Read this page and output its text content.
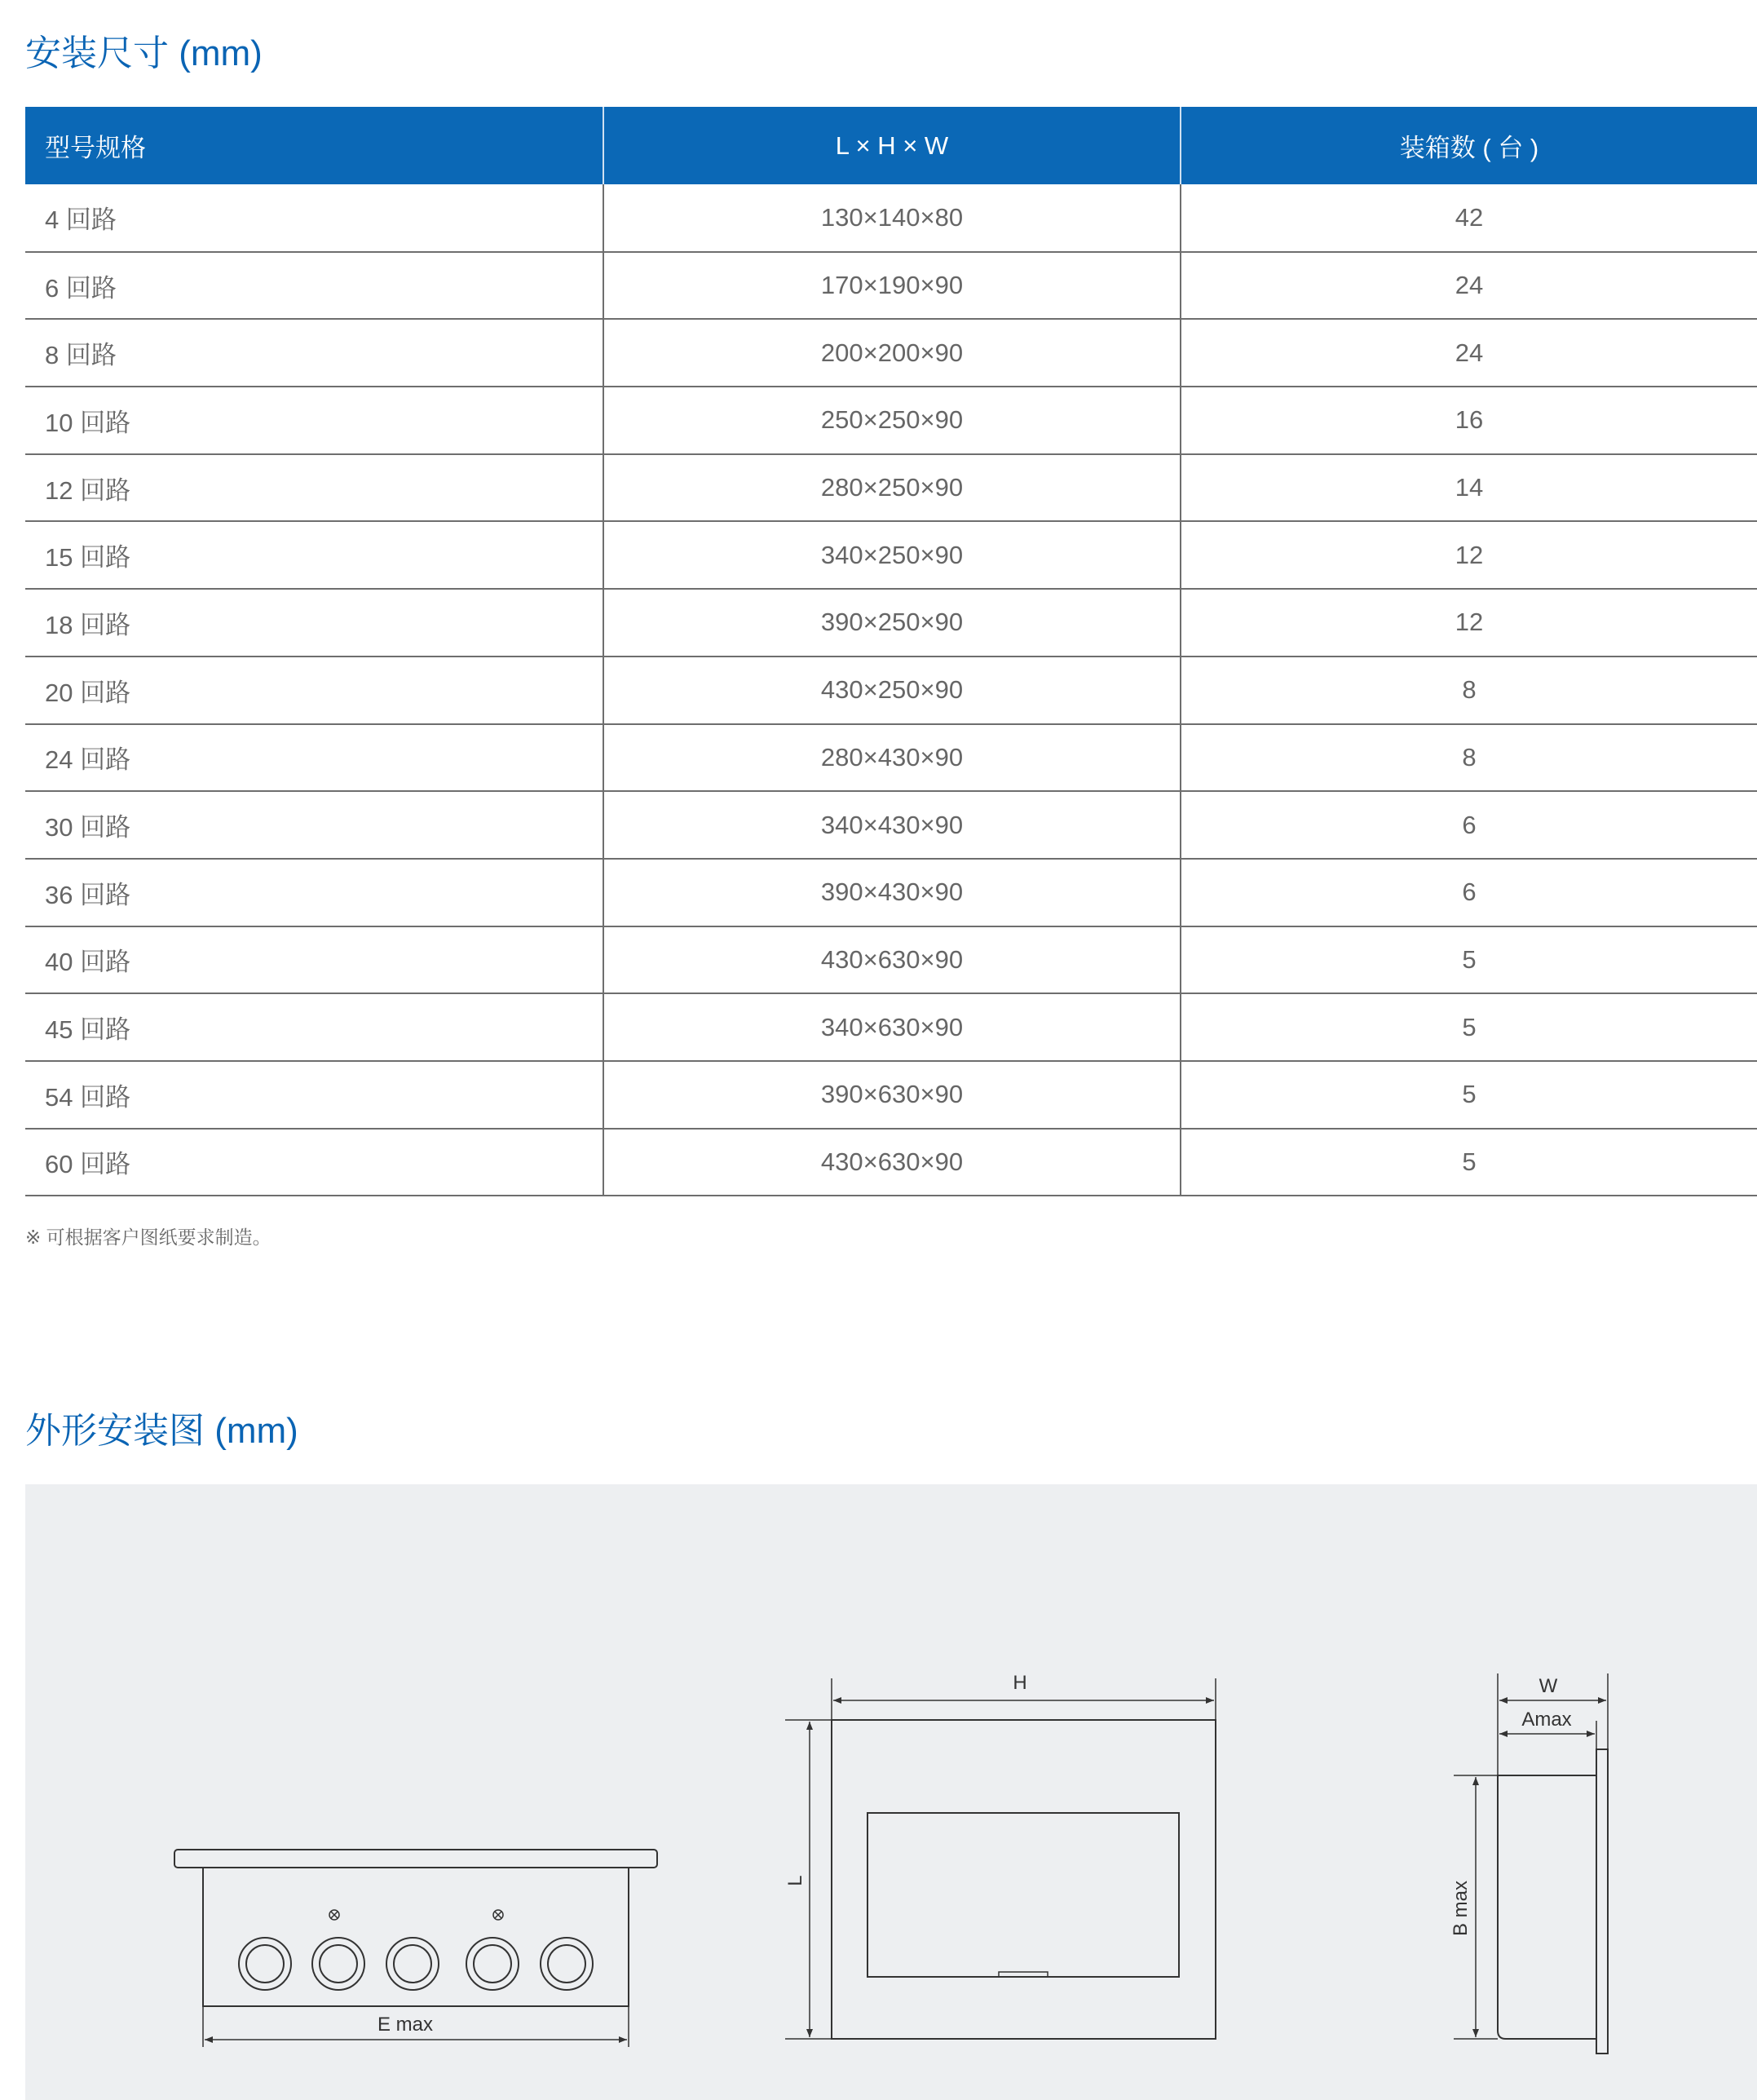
安装尺寸 (mm)
型号规格	L × H × W	装箱数 ( 台 )
4 回路	130×140×80	42
6 回路	170×190×90	24
8 回路	200×200×90	24
10 回路	250×250×90	16
12 回路	280×250×90	14
15 回路	340×250×90	12
18 回路	390×250×90	12
20 回路	430×250×90	8
24 回路	280×430×90	8
30 回路	340×430×90	6
36 回路	390×430×90	6
40 回路	430×630×90	5
45 回路	340×630×90	5
54 回路	390×630×90	5
60 回路	430×630×90	5

※ 可根据客户图纸要求制造。

外形安装图 (mm)
E max
H
L
W
Amax
B max
